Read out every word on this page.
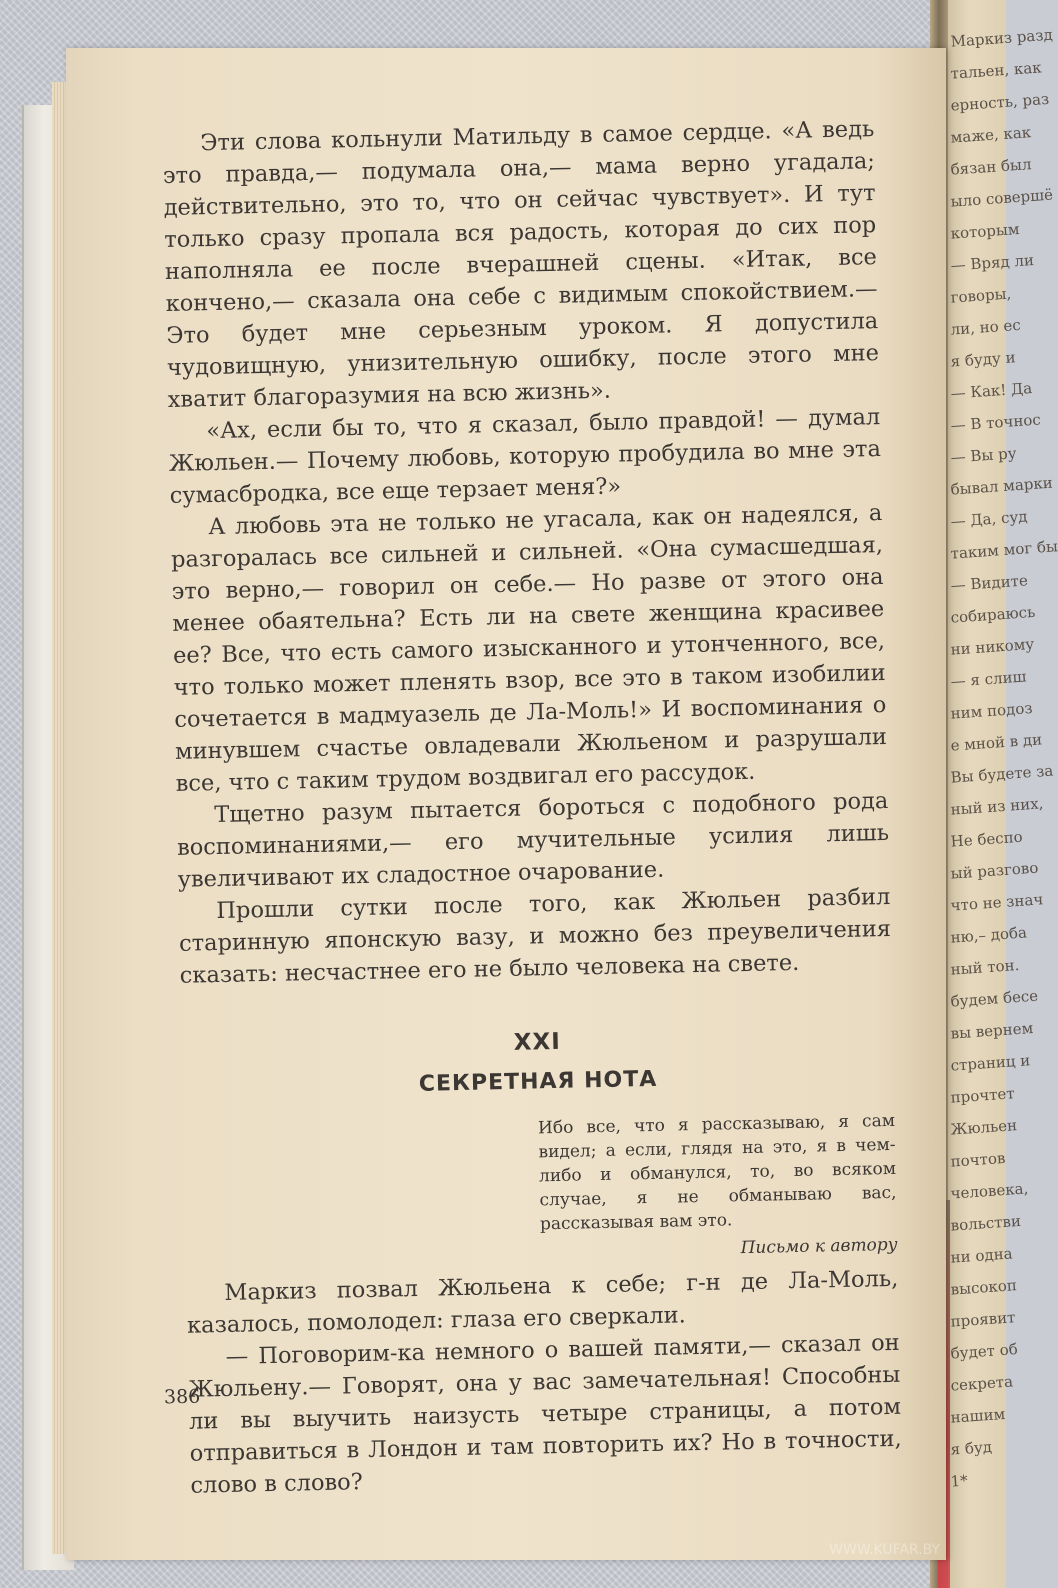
Маркиз разд
тальен, как
ерность, раз
маже, как
бязан был
ыло совершё
которым
— Вряд ли
говоры,
ли, но ес
я буду и
— Как! Да
— В точнос
— Вы ру
бывал марки
— Да, суд
таким мог бы
— Видите
собираюсь
ни никому
— я слиш
ним подоз
е мной в ди
Вы будете за
ный из них,
Не беспо
ый разгово
что не знач
ню,– доба
ный тон.
будем бесе
вы вернем
страниц и
прочтет
Жюльен
почтов
человека,
вольстви
ни одна
высокоп
проявит
будет об
секрета
нашим
я буд
1*

Эти слова кольнули Матильду в самое сердце. «А ведь это правда,— подумала она,— мама верно угадала; действительно, это то, что он сейчас чувствует». И тут только сразу пропала вся радость, которая до сих пор наполняла ее после вчерашней сцены. «Итак, все кончено,— сказала она себе с видимым спокойствием.— Это будет мне серьезным уроком. Я допустила чудовищную, унизительную ошибку, после этого мне хватит благоразумия на всю жизнь».

«Ах, если бы то, что я сказал, было правдой! — думал Жюльен.— Почему любовь, которую пробудила во мне эта сумасбродка, все еще терзает меня?»

А любовь эта не только не угасала, как он надеялся, а разгоралась все сильней и сильней. «Она сумасшедшая, это верно,— говорил он себе.— Но разве от этого она менее обаятельна? Есть ли на свете женщина красивее ее? Все, что есть самого изысканного и утонченного, все, что только может пленять взор, все это в таком изобилии сочетается в мадмуазель де Ла-Моль!» И воспоминания о минувшем счастье овладевали Жюльеном и разрушали все, что с таким трудом воздвигал его рассудок.

Тщетно разум пытается бороться с подобного рода воспоминаниями,— его мучительные усилия лишь увеличивают их сладостное очарование.

Прошли сутки после того, как Жюльен разбил старинную японскую вазу, и можно без преувеличения сказать: несчастнее его не было человека на свете.

XXI
СЕКРЕТНАЯ НОТА
Ибо все, что я рассказываю, я сам видел; а если, глядя на это, я в чем-либо и обманулся, то, во всяком случае, я не обманываю вас, рассказывая вам это.
Письмо к автору

Маркиз позвал Жюльена к себе; г-н де Ла-Моль, казалось, помолодел: глаза его сверкали.

— Поговорим-ка немного о вашей памяти,— сказал он Жюльену.— Говорят, она у вас замечательная! Способны ли вы выучить наизусть четыре страницы, а потом отправиться в Лондон и там повторить их? Но в точности, слово в слово?

386
WWW.KUFAR.BY
